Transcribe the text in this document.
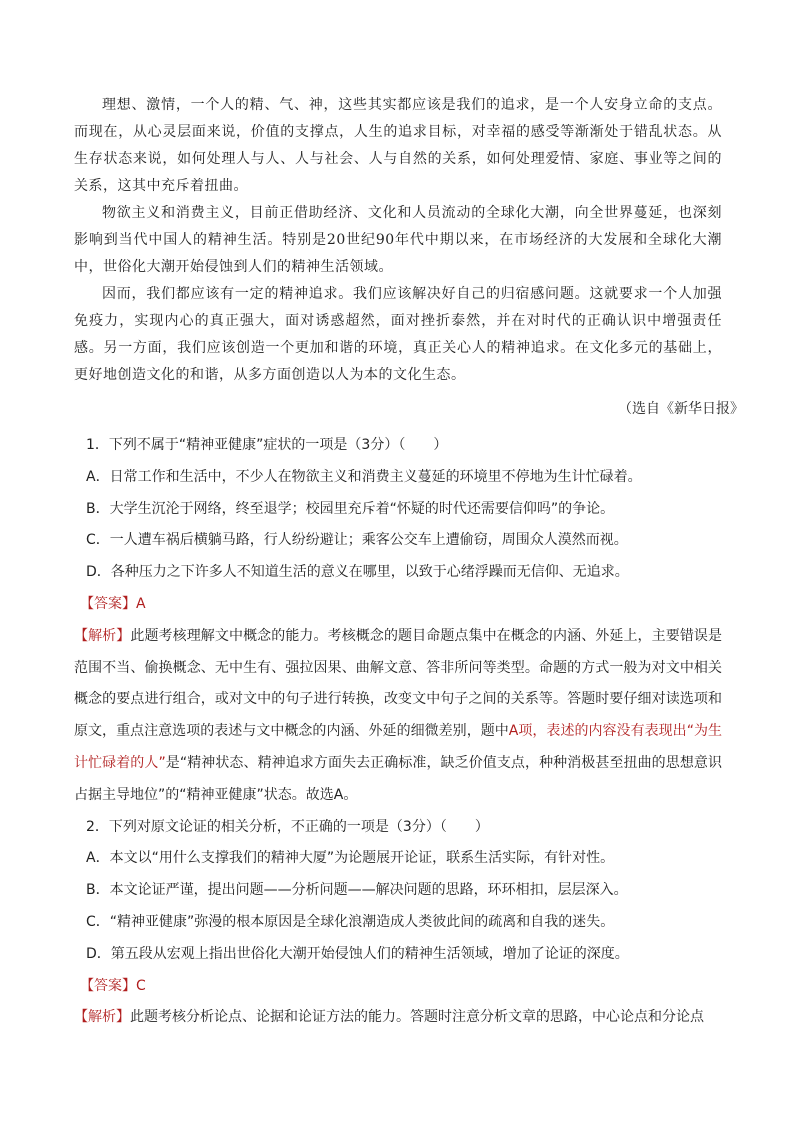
理想、激情，一个人的精、气、神，这些其实都应该是我们的追求，是一个人安身立命的支点。而现在，从心灵层面来说，价值的支撑点，人生的追求目标，对幸福的感受等渐渐处于错乱状态。从生存状态来说，如何处理人与人、人与社会、人与自然的关系，如何处理爱情、家庭、事业等之间的关系，这其中充斥着扭曲。

物欲主义和消费主义，目前正借助经济、文化和人员流动的全球化大潮，向全世界蔓延，也深刻影响到当代中国人的精神生活。特别是20世纪90年代中期以来，在市场经济的大发展和全球化大潮中，世俗化大潮开始侵蚀到人们的精神生活领域。

因而，我们都应该有一定的精神追求。我们应该解决好自己的归宿感问题。这就要求一个人加强免疫力，实现内心的真正强大，面对诱惑超然，面对挫折泰然，并在对时代的正确认识中增强责任感。另一方面，我们应该创造一个更加和谐的环境，真正关心人的精神追求。在文化多元的基础上，更好地创造文化的和谐，从多方面创造以人为本的文化生态。

（选自《新华日报》

1．下列不属于“精神亚健康”症状的一项是（3分）（　　）

A．日常工作和生活中，不少人在物欲主义和消费主义蔓延的环境里不停地为生计忙碌着。

B．大学生沉沦于网络，终至退学；校园里充斥着“怀疑的时代还需要信仰吗”的争论。

C．一人遭车祸后横躺马路，行人纷纷避让；乘客公交车上遭偷窃，周围众人漠然而视。

D．各种压力之下许多人不知道生活的意义在哪里，以致于心绪浮躁而无信仰、无追求。

【答案】A

【解析】此题考核理解文中概念的能力。考核概念的题目命题点集中在概念的内涵、外延上，主要错误是范围不当、偷换概念、无中生有、强拉因果、曲解文意、答非所问等类型。命题的方式一般为对文中相关概念的要点进行组合，或对文中的句子进行转换，改变文中句子之间的关系等。答题时要仔细对读选项和原文，重点注意选项的表述与文中概念的内涵、外延的细微差别，题中A项，表述的内容没有表现出“为生计忙碌着的人”是“精神状态、精神追求方面失去正确标准，缺乏价值支点，种种消极甚至扭曲的思想意识占据主导地位”的“精神亚健康”状态。故选A。

2．下列对原文论证的相关分析，不正确的一项是（3分）（　　）

A．本文以“用什么支撑我们的精神大厦”为论题展开论证，联系生活实际，有针对性。

B．本文论证严谨，提出问题——分析问题——解决问题的思路，环环相扣，层层深入。

C．“精神亚健康”弥漫的根本原因是全球化浪潮造成人类彼此间的疏离和自我的迷失。

D．第五段从宏观上指出世俗化大潮开始侵蚀人们的精神生活领域，增加了论证的深度。

【答案】C

【解析】此题考核分析论点、论据和论证方法的能力。答题时注意分析文章的思路，中心论点和分论点
